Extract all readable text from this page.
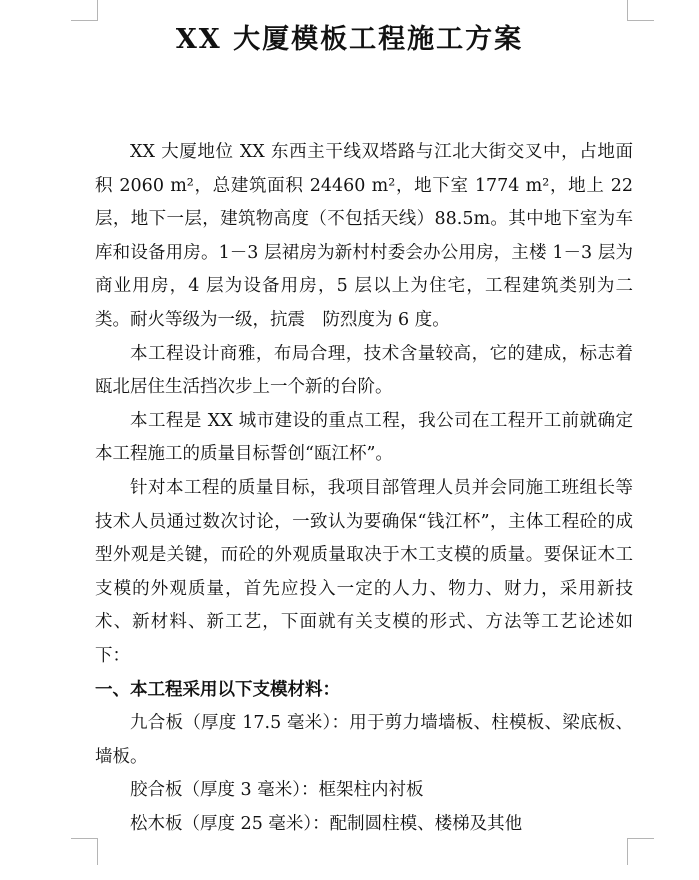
XX 大厦模板工程施工方案

XX 大厦地位 XX 东西主干线双塔路与江北大街交叉中，占地面积 2060 m²，总建筑面积 24460 m²，地下室 1774 m²，地上 22 层，地下一层，建筑物高度（不包括天线）88.5m。其中地下室为车库和设备用房。1－3 层裙房为新村村委会办公用房，主楼 1－3 层为商业用房，4 层为设备用房，5 层以上为住宅，工程建筑类别为二类。耐火等级为一级，抗震　防烈度为 6 度。

本工程设计商雅，布局合理，技术含量较高，它的建成，标志着瓯北居住生活挡次步上一个新的台阶。

本工程是 XX 城市建设的重点工程，我公司在工程开工前就确定本工程施工的质量目标誓创“瓯江杯”。

针对本工程的质量目标，我项目部管理人员并会同施工班组长等技术人员通过数次讨论，一致认为要确保“钱江杯”，主体工程砼的成型外观是关键，而砼的外观质量取决于木工支模的质量。要保证木工支模的外观质量，首先应投入一定的人力、物力、财力，采用新技术、新材料、新工艺，下面就有关支模的形式、方法等工艺论述如下：

一、本工程采用以下支模材料：

九合板（厚度 17.5 毫米）：用于剪力墙墙板、柱模板、梁底板、墙板。

胶合板（厚度 3 毫米）：框架柱内衬板

松木板（厚度 25 毫米）：配制圆柱模、楼梯及其他
